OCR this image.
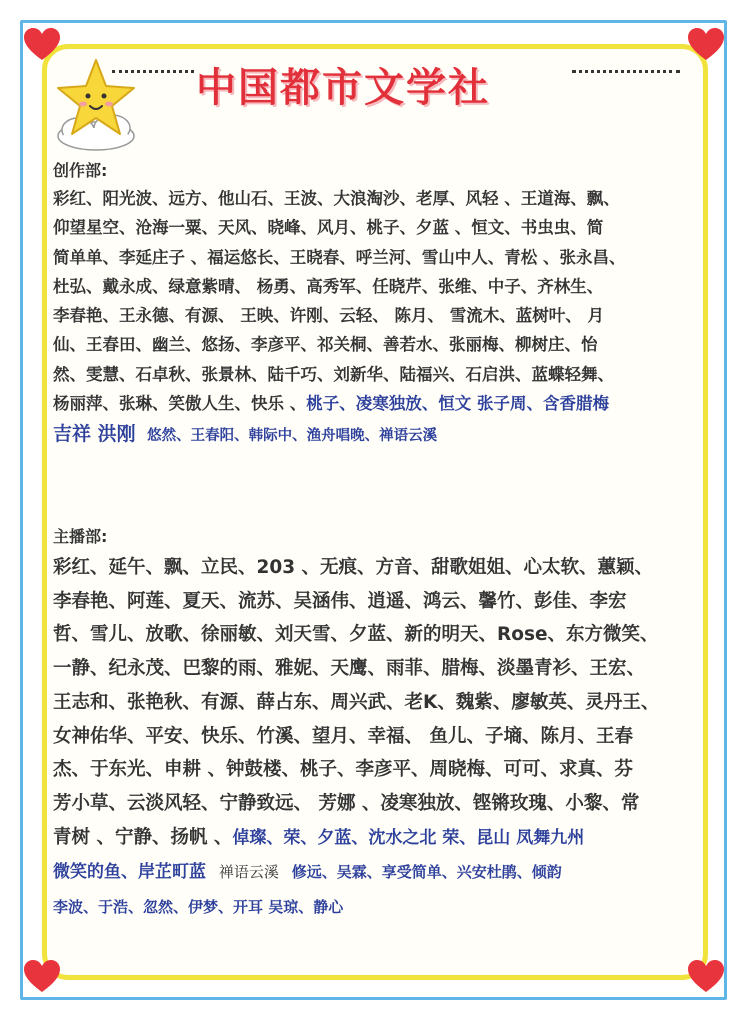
中国都市文学社
创作部:
彩红、阳光波、远方、他山石、王波、大浪淘沙、老厚、风轻 、王道海、飘、
仰望星空、沧海一粟、天风、晓峰、风月、桃子、夕蓝 、恒文、书虫虫、简
简单单、李延庄子 、福运悠长、王晓春、呼兰河、雪山中人、青松 、张永昌、
杜弘、戴永成、绿意紫晴、 杨勇、高秀军、任晓芹、张维、中子、齐林生、
李春艳、王永德、有源、 王映、许刚、云轻、 陈月、 雪流木、蓝树叶、 月
仙、王春田、幽兰、悠扬、李彦平、祁关桐、善若水、张丽梅、柳树庄、怡
然、雯慧、石卓秋、张景林、陆千巧、刘新华、陆福兴、石启洪、蓝蝶轻舞、
杨丽萍、张琳、笑傲人生、快乐 、桃子、凌寒独放、恒文 张子周、含香腊梅
吉祥 洪刚 悠然、王春阳、韩际中、渔舟唱晚、禅语云溪
主播部:
彩红、延午、飘、立民、203 、无痕、方音、甜歌姐姐、心太软、蕙颖、
李春艳、阿莲、夏天、流苏、吴涵伟、逍遥、鸿云、馨竹、彭佳、李宏
哲、雪儿、放歌、徐丽敏、刘天雪、夕蓝、新的明天、Rose、东方微笑、
一静、纪永茂、巴黎的雨、雅妮、天鹰、雨菲、腊梅、淡墨青衫、王宏、
王志和、张艳秋、有源、薛占东、周兴武、老K、魏紫、廖敏英、灵丹王、
女神佑华、平安、快乐、竹溪、望月、幸福、 鱼儿、子墒、陈月、王春
杰、于东光、申耕 、钟鼓楼、桃子、李彦平、周晓梅、可可、求真、芬
芳小草、云淡风轻、宁静致远、 芳娜 、凌寒独放、铿锵玫瑰、小黎、常
青树 、宁静、扬帆 、倬璨、荣、夕蓝、沈水之北 荣、昆山 凤舞九州
微笑的鱼、岸芷町蓝 禅语云溪 修远、吴霖、享受简单、兴安杜鹃、倾韵
李波、于浩、忽然、伊梦、开耳 吴琼、静心
